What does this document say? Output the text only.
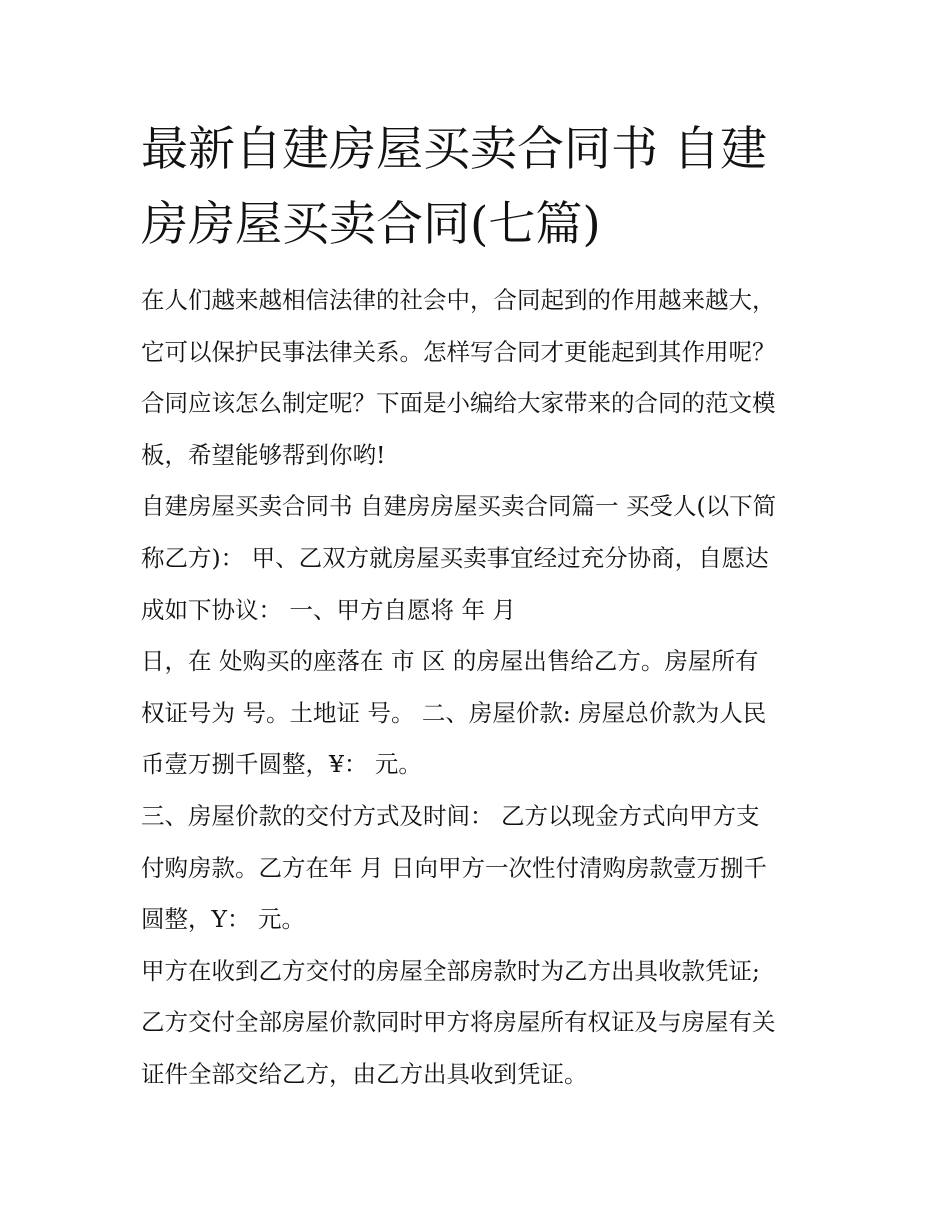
最新自建房屋买卖合同书 自建
房房屋买卖合同(七篇)

在人们越来越相信法律的社会中，合同起到的作用越来越大，
它可以保护民事法律关系。怎样写合同才更能起到其作用呢？
合同应该怎么制定呢？下面是小编给大家带来的合同的范文模
板，希望能够帮到你哟!

自建房屋买卖合同书 自建房房屋买卖合同篇一 买受人(以下简
称乙方)： 甲、乙双方就房屋买卖事宜经过充分协商，自愿达
成如下协议： 一、甲方自愿将 年 月

日，在 处购买的座落在 市 区 的房屋出售给乙方。房屋所有
权证号为 号。土地证 号。 二、房屋价款: 房屋总价款为人民
币壹万捌千圆整，¥： 元。

三、房屋价款的交付方式及时间： 乙方以现金方式向甲方支
付购房款。乙方在年 月 日向甲方一次性付清购房款壹万捌千
圆整，Y： 元。

甲方在收到乙方交付的房屋全部房款时为乙方出具收款凭证;
乙方交付全部房屋价款同时甲方将房屋所有权证及与房屋有关
证件全部交给乙方，由乙方出具收到凭证。
